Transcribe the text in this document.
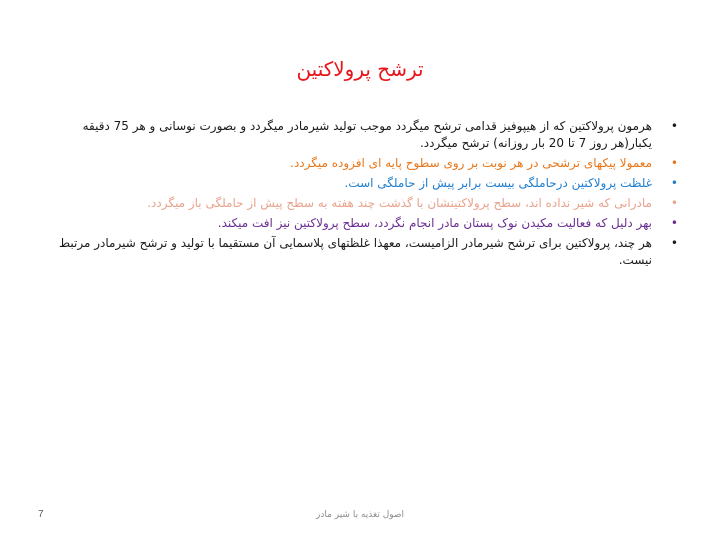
ترشح پرولاکتین
•
هرمون پرولاکتین که از هیپوفیز قدامی ترشح میگردد موجب تولید شیرمادر میگردد و بصورت نوسانی و هر 75 دقیقه یکبار(هر روز 7 تا 20 بار روزانه) ترشح میگردد.
•
معمولا پیکهای ترشحی در هر نوبت بر روی سطوح پایه ای افزوده میگردد.
•
غلظت پرولاکتین درحاملگی بیست برابر پیش از حاملگی است.
•
مادرانی که شیر نداده اند، سطح پرولاکتینشان با گذشت چند هفته به سطح پیش از حاملگی باز میگردد.
•
بهر دلیل که فعالیت مکیدن نوک پستان مادر انجام نگردد، سطح پرولاکتین نیز افت میکند.
•
هر چند، پرولاکتین برای ترشح شیرمادر الزامیست، معهذا غلظتهای پلاسمایی آن مستقیما با تولید و ترشح شیرمادر مرتبط نیست.
7	اصول تغذیه با شیر مادر
